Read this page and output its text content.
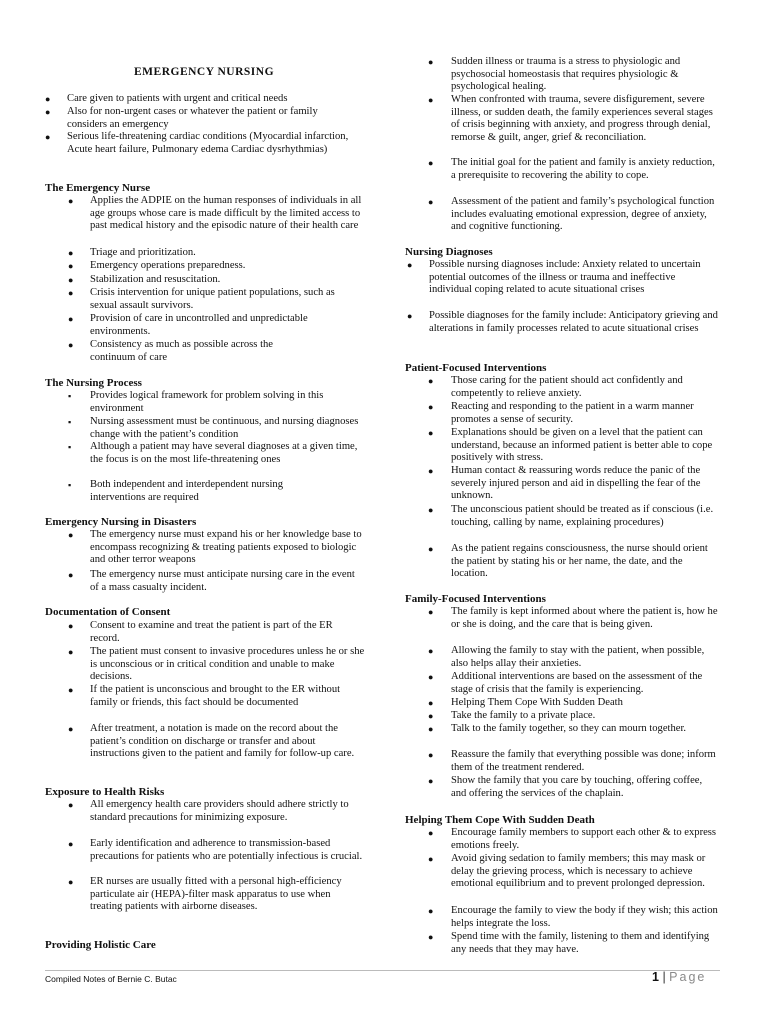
EMERGENCY NURSING
● Care given to patients with urgent and critical needs
● Also for non-urgent cases or whatever the patient or family considers an emergency
● Serious life-threatening cardiac conditions (Myocardial infarction, Acute heart failure, Pulmonary edema Cardiac dysrhythmias)
The Emergency Nurse
● Applies the ADPIE on the human responses of individuals in all age groups whose care is made difficult by the limited access to past medical history and the episodic nature of their health care
● Triage and prioritization.
● Emergency operations preparedness.
● Stabilization and resuscitation.
● Crisis intervention for unique patient populations, such as sexual assault survivors.
● Provision of care in uncontrolled and unpredictable environments.
● Consistency as much as possible across the continuum of care
The Nursing Process
▪ Provides logical framework for problem solving in this environment
▪ Nursing assessment must be continuous, and nursing diagnoses change with the patient’s condition
▪ Although a patient may have several diagnoses at a given time, the focus is on the most life-threatening ones
▪ Both independent and interdependent nursing interventions are required
Emergency Nursing in Disasters
● The emergency nurse must expand his or her knowledge base to encompass recognizing & treating patients exposed to biologic and other terror weapons
● The emergency nurse must anticipate nursing care in the event of a mass casualty incident.
Documentation of Consent
● Consent to examine and treat the patient is part of the ER record.
● The patient must consent to invasive procedures unless he or she is unconscious or in critical condition and unable to make decisions.
● If the patient is unconscious and brought to the ER without family or friends, this fact should be documented
● After treatment, a notation is made on the record about the patient’s condition on discharge or transfer and about instructions given to the patient and family for follow-up care.
Exposure to Health Risks
● All emergency health care providers should adhere strictly to standard precautions for minimizing exposure.
● Early identification and adherence to transmission-based precautions for patients who are potentially infectious is crucial.
● ER nurses are usually fitted with a personal high-efficiency particulate air (HEPA)-filter mask apparatus to use when treating patients with airborne diseases.
Providing Holistic Care
● Sudden illness or trauma is a stress to physiologic and psychosocial homeostasis that requires physiologic & psychological healing.
● When confronted with trauma, severe disfigurement, severe illness, or sudden death, the family experiences several stages of crisis beginning with anxiety, and progress through denial, remorse & guilt, anger, grief & reconciliation.
● The initial goal for the patient and family is anxiety reduction, a prerequisite to recovering the ability to cope.
● Assessment of the patient and family’s psychological function includes evaluating emotional expression, degree of anxiety, and cognitive functioning.
Nursing Diagnoses
● Possible nursing diagnoses include: Anxiety related to uncertain potential outcomes of the illness or trauma and ineffective individual coping related to acute situational crises
● Possible diagnoses for the family include: Anticipatory grieving and alterations in family processes related to acute situational crises
Patient-Focused Interventions
● Those caring for the patient should act confidently and competently to relieve anxiety.
● Reacting and responding to the patient in a warm manner promotes a sense of security.
● Explanations should be given on a level that the patient can understand, because an informed patient is better able to cope positively with stress.
● Human contact & reassuring words reduce the panic of the severely injured person and aid in dispelling the fear of the unknown.
● The unconscious patient should be treated as if conscious (i.e. touching, calling by name, explaining procedures)
● As the patient regains consciousness, the nurse should orient the patient by stating his or her name, the date, and the location.
Family-Focused Interventions
● The family is kept informed about where the patient is, how he or she is doing, and the care that is being given.
● Allowing the family to stay with the patient, when possible, also helps allay their anxieties.
● Additional interventions are based on the assessment of the stage of crisis that the family is experiencing.
● Helping Them Cope With Sudden Death
● Take the family to a private place.
● Talk to the family together, so they can mourn together.
● Reassure the family that everything possible was done; inform them of the treatment rendered.
● Show the family that you care by touching, offering coffee, and offering the services of the chaplain.
Helping Them Cope With Sudden Death
● Encourage family members to support each other & to express emotions freely.
● Avoid giving sedation to family members; this may mask or delay the grieving process, which is necessary to achieve emotional equilibrium and to prevent prolonged depression.
● Encourage the family to view the body if they wish; this action helps integrate the loss.
● Spend time with the family, listening to them and identifying any needs that they may have.
Compiled Notes of Bernie C. Butac	1 | Page
